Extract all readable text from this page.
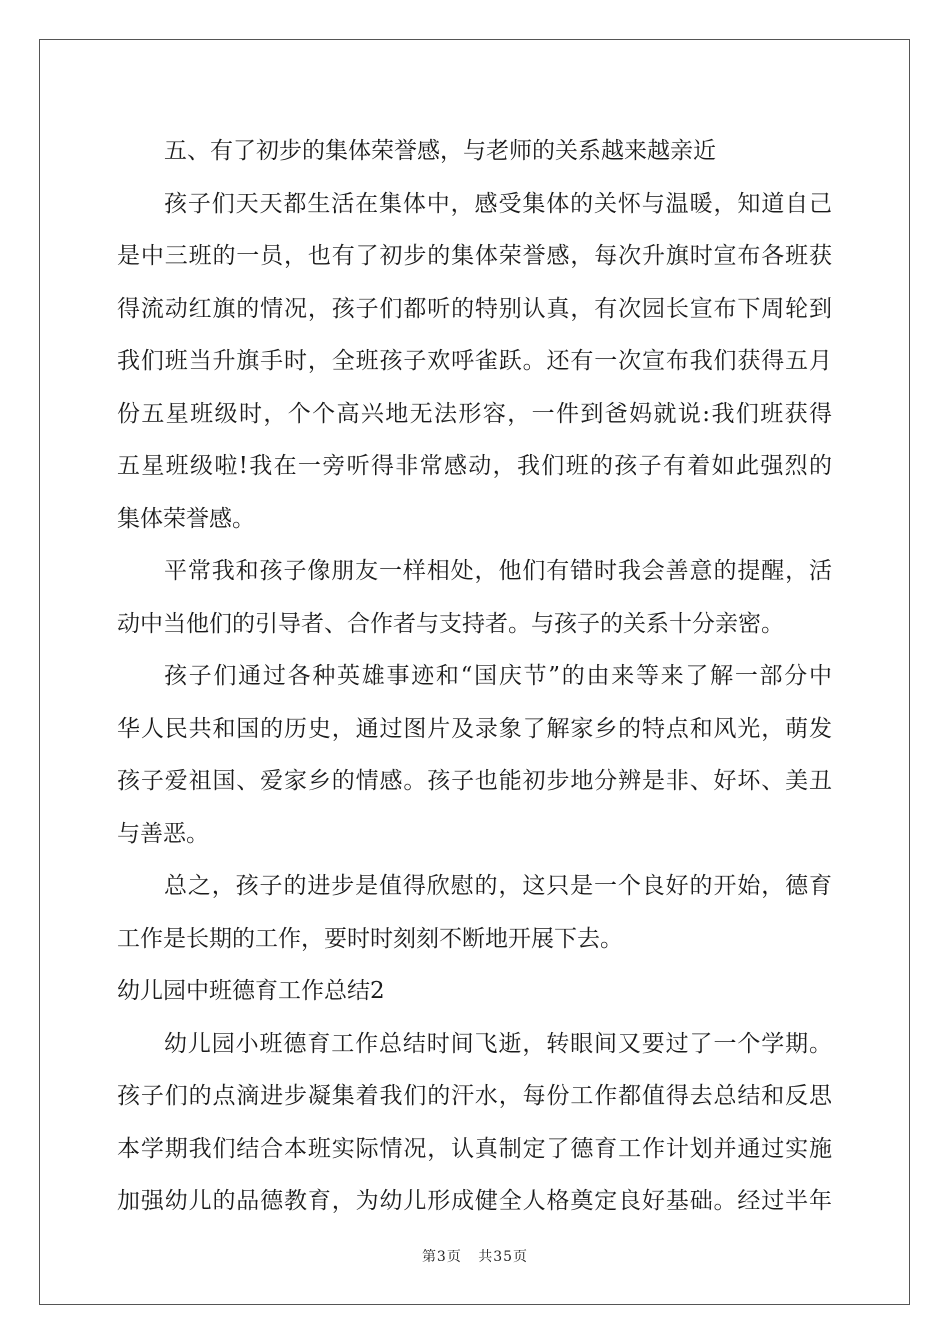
五、有了初步的集体荣誉感，与老师的关系越来越亲近
孩子们天天都生活在集体中，感受集体的关怀与温暖，知道自己
是中三班的一员，也有了初步的集体荣誉感，每次升旗时宣布各班获
得流动红旗的情况，孩子们都听的特别认真，有次园长宣布下周轮到
我们班当升旗手时，全班孩子欢呼雀跃。还有一次宣布我们获得五月
份五星班级时，个个高兴地无法形容，一件到爸妈就说:我们班获得
五星班级啦!我在一旁听得非常感动，我们班的孩子有着如此强烈的
集体荣誉感。
平常我和孩子像朋友一样相处，他们有错时我会善意的提醒，活
动中当他们的引导者、合作者与支持者。与孩子的关系十分亲密。
孩子们通过各种英雄事迹和“国庆节”的由来等来了解一部分中
华人民共和国的历史，通过图片及录象了解家乡的特点和风光，萌发
孩子爱祖国、爱家乡的情感。孩子也能初步地分辨是非、好坏、美丑
与善恶。
总之，孩子的进步是值得欣慰的，这只是一个良好的开始，德育
工作是长期的工作，要时时刻刻不断地开展下去。
幼儿园中班德育工作总结2
幼儿园小班德育工作总结时间飞逝，转眼间又要过了一个学期。
孩子们的点滴进步凝集着我们的汗水，每份工作都值得去总结和反思
本学期我们结合本班实际情况，认真制定了德育工作计划并通过实施
加强幼儿的品德教育，为幼儿形成健全人格奠定良好基础。经过半年
第3页 共35页
